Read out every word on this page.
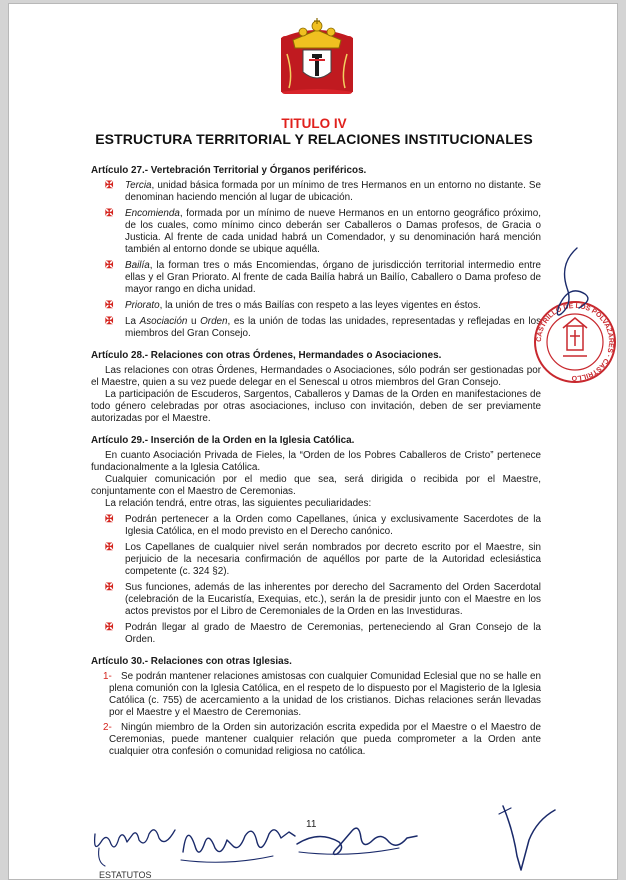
TITULO IV
ESTRUCTURA TERRITORIAL Y RELACIONES INSTITUCIONALES
Artículo 27.- Vertebración Territorial y Órganos periféricos.
✠ Tercia, unidad básica formada por un mínimo de tres Hermanos en un entorno no distante. Se denominan haciendo mención al lugar de ubicación.
✠ Encomienda, formada por un mínimo de nueve Hermanos en un entorno geográfico próximo, de los cuales, como mínimo cinco deberán ser Caballeros o Damas profesos, de Gracia o Justicia. Al frente de cada unidad habrá un Comendador, y su denominación hará mención también al entorno donde se ubique aquélla.
✠ Bailía, la forman tres o más Encomiendas, órgano de jurisdicción territorial intermedio entre ellas y el Gran Priorato. Al frente de cada Bailía habrá un Bailío, Caballero o Dama profeso de mayor rango en dicha unidad.
✠ Priorato, la unión de tres o más Bailías con respeto a las leyes vigentes en éstos.
✠ La Asociación u Orden, es la unión de todas las unidades, representadas y reflejadas en los miembros del Gran Consejo.
Artículo 28.- Relaciones con otras Órdenes, Hermandades o Asociaciones.

Las relaciones con otras Órdenes, Hermandades o Asociaciones, sólo podrán ser gestionadas por el Maestre, quien a su vez puede delegar en el Senescal u otros miembros del Gran Consejo.

La participación de Escuderos, Sargentos, Caballeros y Damas de la Orden en manifestaciones de todo género celebradas por otras asociaciones, incluso con invitación, deben de ser previamente autorizadas por el Maestre.

Artículo 29.- Inserción de la Orden en la Iglesia Católica.

En cuanto Asociación Privada de Fieles, la “Orden de los Pobres Caballeros de Cristo” pertenece fundacionalmente a la Iglesia Católica.

Cualquier comunicación por el medio que sea, será dirigida o recibida por el Maestre, conjuntamente con el Maestro de Ceremonias.

La relación tendrá, entre otras, las siguientes peculiaridades:

✠ Podrán pertenecer a la Orden como Capellanes, única y exclusivamente Sacerdotes de la Iglesia Católica, en el modo previsto en el Derecho canónico.
✠ Los Capellanes de cualquier nivel serán nombrados por decreto escrito por el Maestre, sin perjuicio de la necesaria confirmación de aquéllos por parte de la Autoridad eclesiástica competente (c. 324 §2).
✠ Sus funciones, además de las inherentes por derecho del Sacramento del Orden Sacerdotal (celebración de la Eucaristía, Exequias, etc.), serán la de presidir junto con el Maestre en los actos previstos por el Libro de Ceremoniales de la Orden en las Investiduras.
✠ Podrán llegar al grado de Maestro de Ceremonias, perteneciendo al Gran Consejo de la Orden.
Artículo 30.- Relaciones con otras Iglesias.
1- Se podrán mantener relaciones amistosas con cualquier Comunidad Eclesial que no se halle en plena comunión con la Iglesia Católica, en el respeto de lo dispuesto por el Magisterio de la Iglesia Católica (c. 755) de acercamiento a la unidad de los cristianos. Dichas relaciones serán llevadas por el Maestre y el Maestro de Ceremonias.
2- Ningún miembro de la Orden sin autorización escrita expedida por el Maestre o el Maestro de Ceremonias, puede mantener cualquier relación que pueda comprometer a la Orden ante cualquier otra confesión o comunidad religiosa no católica.
CASTRILLO DE LOS POLVAZARES · CASTRILLO
11
ESTATUTOS
